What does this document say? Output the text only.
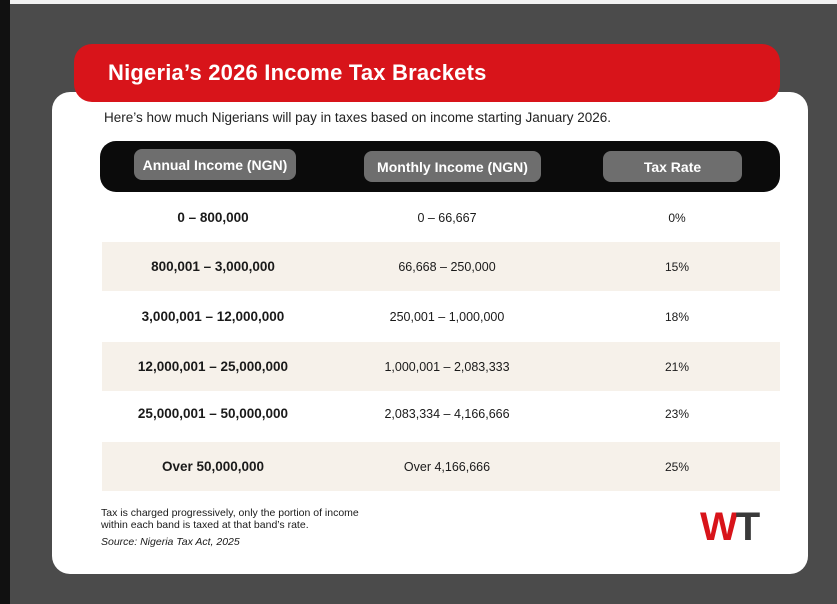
Nigeria’s 2026 Income Tax Brackets
Here’s how much Nigerians will pay in taxes based on income starting January 2026.
Annual Income (NGN)	Monthly Income (NGN)	Tax Rate
0 – 800,000	0 – 66,667	0%
800,001 – 3,000,000	66,668 – 250,000	15%
3,000,001 – 12,000,000	250,001 – 1,000,000	18%
12,000,001 – 25,000,000	1,000,001 – 2,083,333	21%
25,000,001 – 50,000,000	2,083,334 – 4,166,666	23%
Over 50,000,000	Over 4,166,666	25%
Tax is charged progressively, only the portion of income
within each band is taxed at that band’s rate.
Source: Nigeria Tax Act, 2025	W T
